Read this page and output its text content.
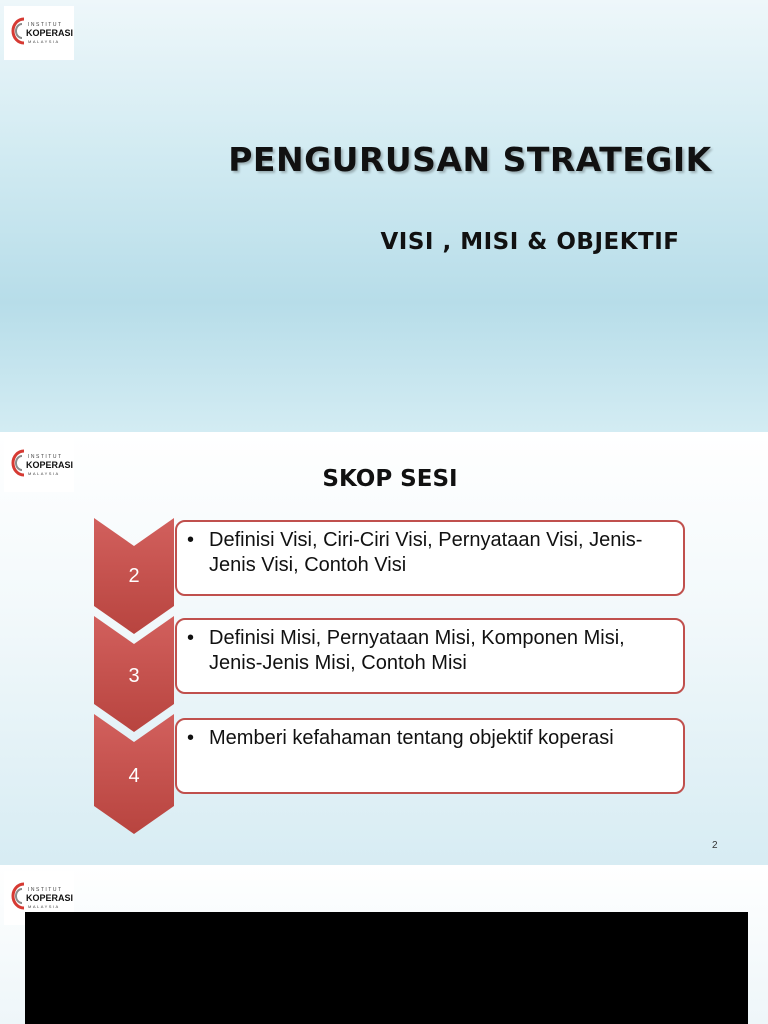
INSTITUT
KOPERASI
MALAYSIA
PENGURUSAN STRATEGIK
VISI , MISI & OBJEKTIF
INSTITUT
KOPERASI
MALAYSIA	SKOP SESI
2
• Definisi Visi, Ciri-Ciri Visi, Pernyataan Visi, Jenis-Jenis Visi, Contoh Visi
3
• Definisi Misi, Pernyataan Misi, Komponen Misi, Jenis-Jenis Misi, Contoh Misi
4
• Memberi kefahaman tentang objektif koperasi
2
INSTITUT
KOPERASI
MALAYSIA
